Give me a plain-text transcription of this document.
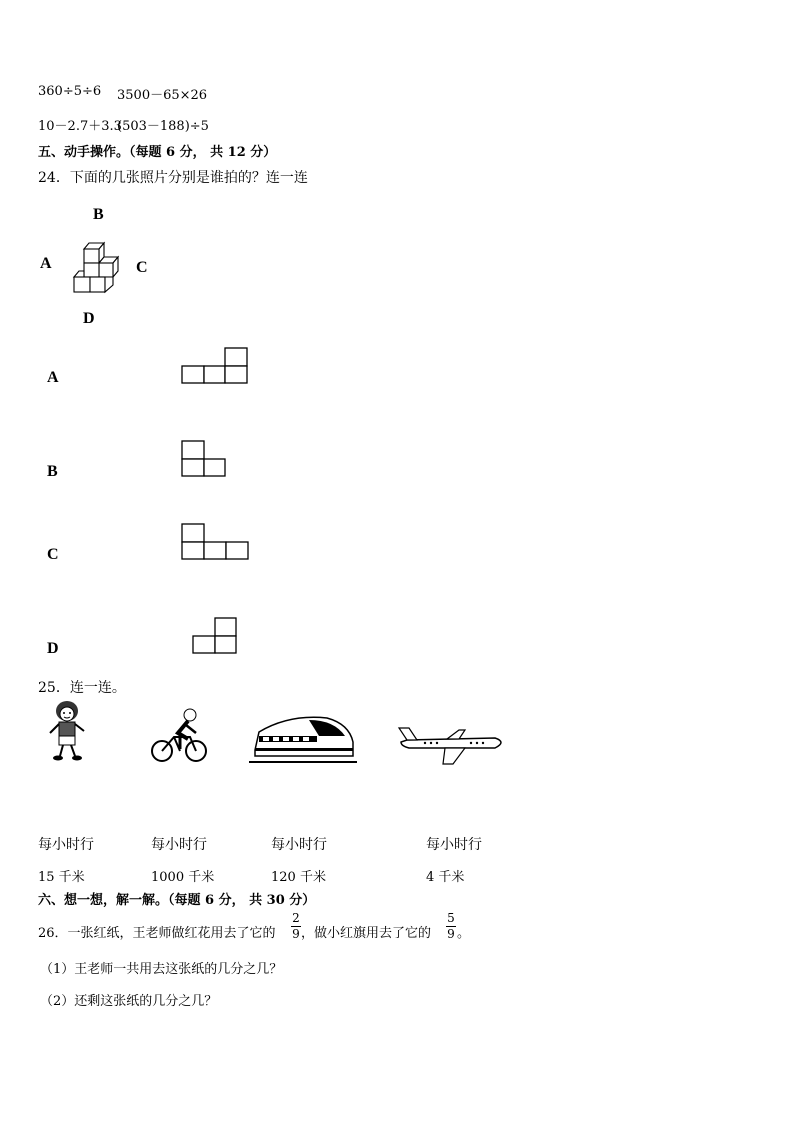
360÷5÷6 3500－65×26
10－2.7＋3.3
(503－188)÷5
五、动手操作。（每题 6 分， 共 12 分）
24．下面的几张照片分别是谁拍的？连一连
B
A	C
D
A
B
C
D
25．连一连。
每小时行	每小时行	每小时行	每小时行
15 千米	1000 千米	120 千米	4 千米
六、想一想，解一解。（每题 6 分， 共 30 分）
26．一张红纸，王老师做红花用去了它的
2
9 ，做小红旗用去了它的
5
9 。
（1）王老师一共用去这张纸的几分之几？
（2）还剩这张纸的几分之几？
